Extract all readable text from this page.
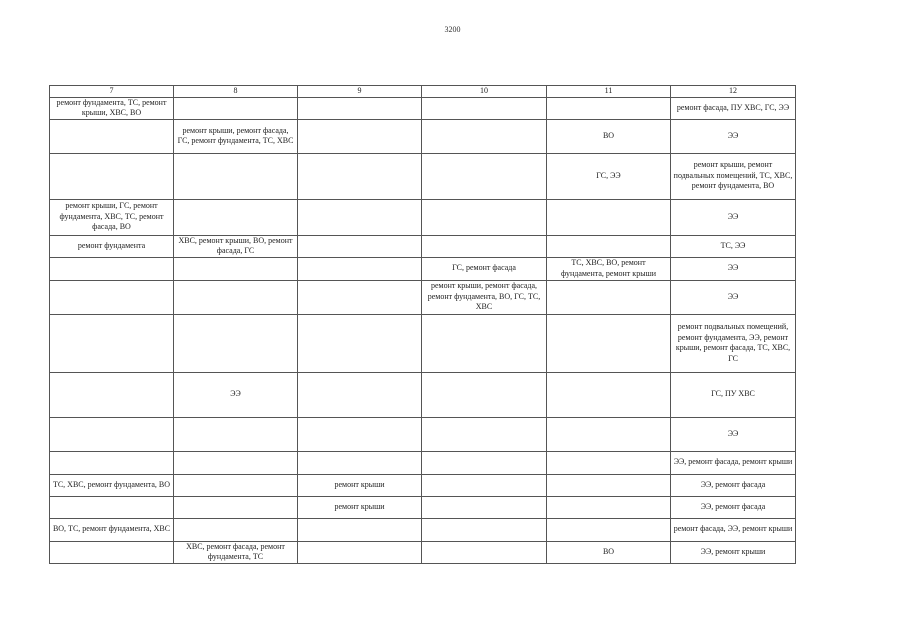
3200
7	8	9	10	11	12
ремонт фундамента, ТС, ремонт крыши, ХВС, ВО					ремонт фасада, ПУ ХВС, ГС, ЭЭ
	ремонт крыши, ремонт фасада, ГС, ремонт фундамента, ТС, ХВС			ВО	ЭЭ
				ГС, ЭЭ	ремонт крыши, ремонт подвальных помещений, ТС, ХВС, ремонт фундамента, ВО
ремонт крыши, ГС, ремонт фундамента, ХВС, ТС, ремонт фасада, ВО					ЭЭ
ремонт фундамента	ХВС, ремонт крыши, ВО, ремонт фасада, ГС				ТС, ЭЭ
			ГС, ремонт фасада	ТС, ХВС, ВО, ремонт фундамента, ремонт крыши	ЭЭ
			ремонт крыши, ремонт фасада, ремонт фундамента, ВО, ГС, ТС, ХВС		ЭЭ
					ремонт подвальных помещений, ремонт фундамента, ЭЭ, ремонт крыши, ремонт фасада, ТС, ХВС, ГС
	ЭЭ				ГС, ПУ ХВС
					ЭЭ
					ЭЭ, ремонт фасада, ремонт крыши
ТС, ХВС, ремонт фундамента, ВО		ремонт крыши			ЭЭ, ремонт фасада
		ремонт крыши			ЭЭ, ремонт фасада
ВО, ТС, ремонт фундамента, ХВС					ремонт фасада, ЭЭ, ремонт крыши
	ХВС, ремонт фасада, ремонт фундамента, ТС			ВО	ЭЭ, ремонт крыши
